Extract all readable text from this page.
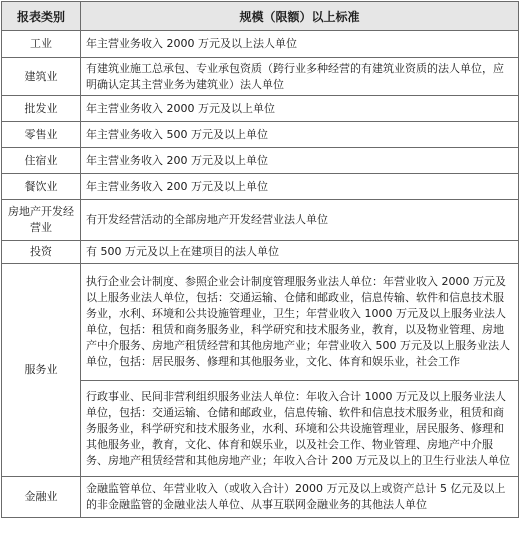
报表类别	规模（限额）以上标准
工业	年主营业务收入 2000 万元及以上法人单位
建筑业	有建筑业施工总承包、专业承包资质（跨行业多种经营的有建筑业资质的法人单位，应明确认定其主营业务为建筑业）法人单位
批发业	年主营业务收入 2000 万元及以上单位
零售业	年主营业务收入 500 万元及以上单位
住宿业	年主营业务收入 200 万元及以上单位
餐饮业	年主营业务收入 200 万元及以上单位
房地产开发经营业	有开发经营活动的全部房地产开发经营业法人单位
投资	有 500 万元及以上在建项目的法人单位
服务业	执行企业会计制度、参照企业会计制度管理服务业法人单位：年营业收入 2000 万元及以上服务业法人单位，包括：交通运输、仓储和邮政业，信息传输、软件和信息技术服务业，水利、环境和公共设施管理业，卫生；年营业收入 1000 万元及以上服务业法人单位，包括：租赁和商务服务业，科学研究和技术服务业，教育，以及物业管理、房地产中介服务、房地产租赁经营和其他房地产业；年营业收入 500 万元及以上服务业法人单位，包括：居民服务、修理和其他服务业，文化、体育和娱乐业，社会工作
	行政事业、民间非营利组织服务业法人单位：年收入合计 1000 万元及以上服务业法人单位，包括：交通运输、仓储和邮政业，信息传输、软件和信息技术服务业，租赁和商务服务业，科学研究和技术服务业，水利、环境和公共设施管理业，居民服务、修理和其他服务业，教育，文化、体育和娱乐业，以及社会工作、物业管理、房地产中介服务、房地产租赁经营和其他房地产业；年收入合计 200 万元及以上的卫生行业法人单位
金融业	金融监管单位、年营业收入（或收入合计）2000 万元及以上或资产总计 5 亿元及以上的非金融监管的金融业法人单位、从事互联网金融业务的其他法人单位
